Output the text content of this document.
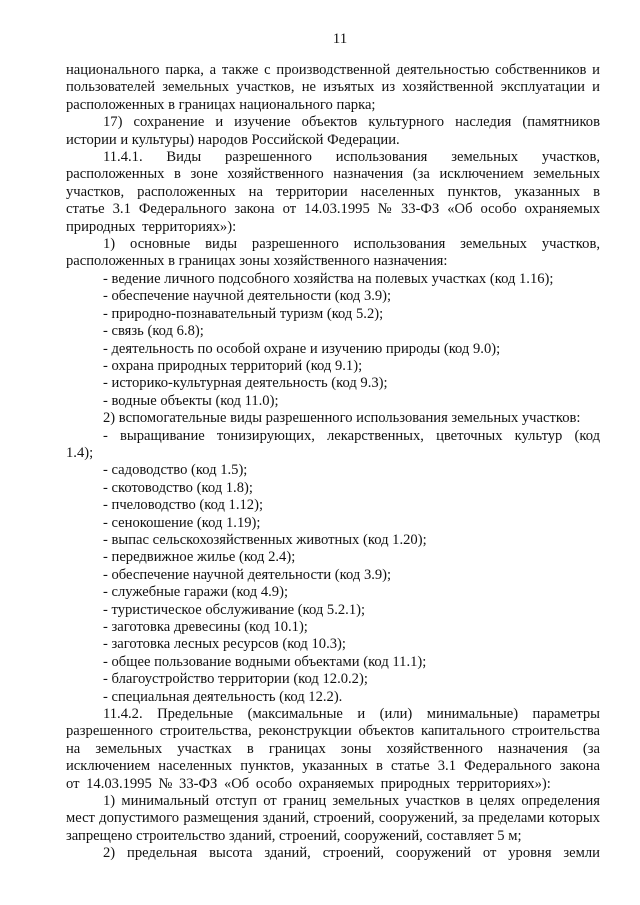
11

национального парка, а также с производственной деятельностью собственников и пользователей земельных участков, не изъятых из хозяйственной эксплуатации и расположенных в границах национального парка;

17) сохранение и изучение объектов культурного наследия (памятников истории и культуры) народов Российской Федерации.

11.4.1. Виды разрешенного использования земельных участков, расположенных в зоне хозяйственного назначения (за исключением земельных участков, расположенных на территории населенных пунктов, указанных в статье 3.1 Федерального закона от 14.03.1995 № 33-ФЗ «Об особо охраняемых природных территориях»):

1) основные виды разрешенного использования земельных участков, расположенных в границах зоны хозяйственного назначения:

- ведение личного подсобного хозяйства на полевых участках (код 1.16);

- обеспечение научной деятельности (код 3.9);

- природно-познавательный туризм (код 5.2);

- связь (код 6.8);

- деятельность по особой охране и изучению природы (код 9.0);

- охрана природных территорий (код 9.1);

- историко-культурная деятельность (код 9.3);

- водные объекты (код 11.0);

2) вспомогательные виды разрешенного использования земельных участков:

- выращивание тонизирующих, лекарственных, цветочных культур (код

1.4);

- садоводство (код 1.5);

- скотоводство (код 1.8);

- пчеловодство (код 1.12);

- сенокошение (код 1.19);

- выпас сельскохозяйственных животных (код 1.20);

- передвижное жилье (код 2.4);

- обеспечение научной деятельности (код 3.9);

- служебные гаражи (код 4.9);

- туристическое обслуживание (код 5.2.1);

- заготовка древесины (код 10.1);

- заготовка лесных ресурсов (код 10.3);

- общее пользование водными объектами (код 11.1);

- благоустройство территории (код 12.0.2);

- специальная деятельность (код 12.2).

11.4.2. Предельные (максимальные и (или) минимальные) параметры разрешенного строительства, реконструкции объектов капитального строительства на земельных участках в границах зоны хозяйственного назначения (за исключением населенных пунктов, указанных в статье 3.1 Федерального закона от 14.03.1995 № 33-ФЗ «Об особо охраняемых природных территориях»):

1) минимальный отступ от границ земельных участков в целях определения мест допустимого размещения зданий, строений, сооружений, за пределами которых запрещено строительство зданий, строений, сооружений, составляет 5 м;

2) предельная высота зданий, строений, сооружений от уровня земли
